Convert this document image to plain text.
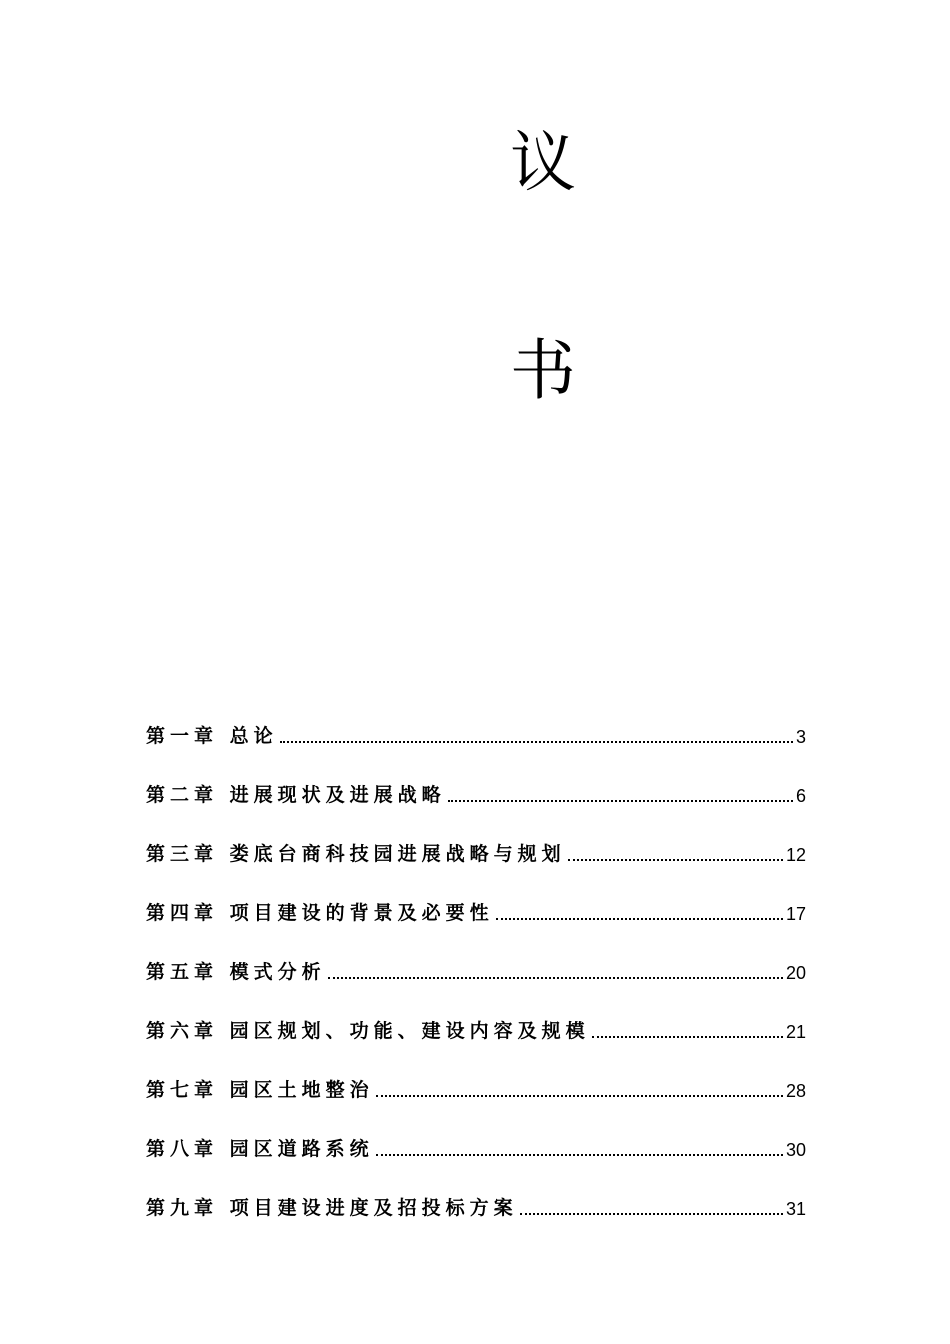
议
书
第一章 总论	3
第二章 进展现状及进展战略	6
第三章 娄底台商科技园进展战略与规划	12
第四章 项目建设的背景及必要性	17
第五章 模式分析	20
第六章 园区规划、功能、建设内容及规模	21
第七章 园区土地整治	28
第八章 园区道路系统	30
第九章 项目建设进度及招投标方案	31
